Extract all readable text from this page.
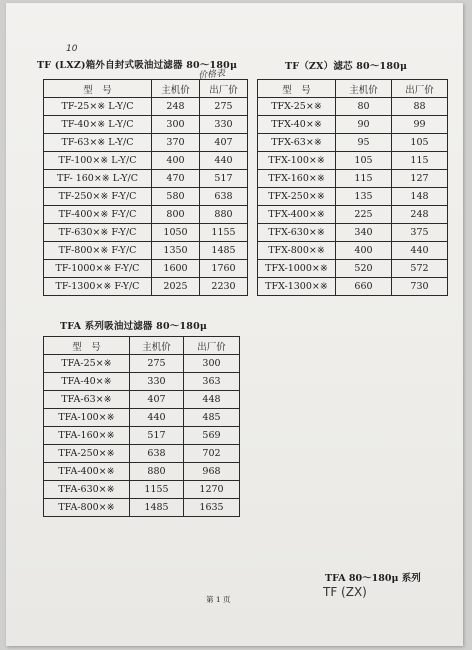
TF (LXZ)箱外自封式吸油过滤器 80～180μ
10
价格表
型　号	主机价	出厂价
TF-25×※ L-Y/C	248	275
TF-40×※ L-Y/C	300	330
TF-63×※ L-Y/C	370	407
TF-100×※ L-Y/C	400	440
TF- 160×※ L-Y/C	470	517
TF-250×※ F-Y/C	580	638
TF-400×※ F-Y/C	800	880
TF-630×※ F-Y/C	1050	1155
TF-800×※ F-Y/C	1350	1485
TF-1000×※ F-Y/C	1600	1760
TF-1300×※ F-Y/C	2025	2230
TF（ZX）滤芯 80～180μ
型　号	主机价	出厂价
TFX-25×※	80	88
TFX-40×※	90	99
TFX-63×※	95	105
TFX-100×※	105	115
TFX-160×※	115	127
TFX-250×※	135	148
TFX-400×※	225	248
TFX-630×※	340	375
TFX-800×※	400	440
TFX-1000×※	520	572
TFX-1300×※	660	730
TFA 系列吸油过滤器 80～180μ
型　号	主机价	出厂价
TFA-25×※	275	300
TFA-40×※	330	363
TFA-63×※	407	448
TFA-100×※	440	485
TFA-160×※	517	569
TFA-250×※	638	702
TFA-400×※	880	968
TFA-630×※	1155	1270
TFA-800×※	1485	1635
TFA 80～180μ 系列
TF (ZX)
第 1 页
